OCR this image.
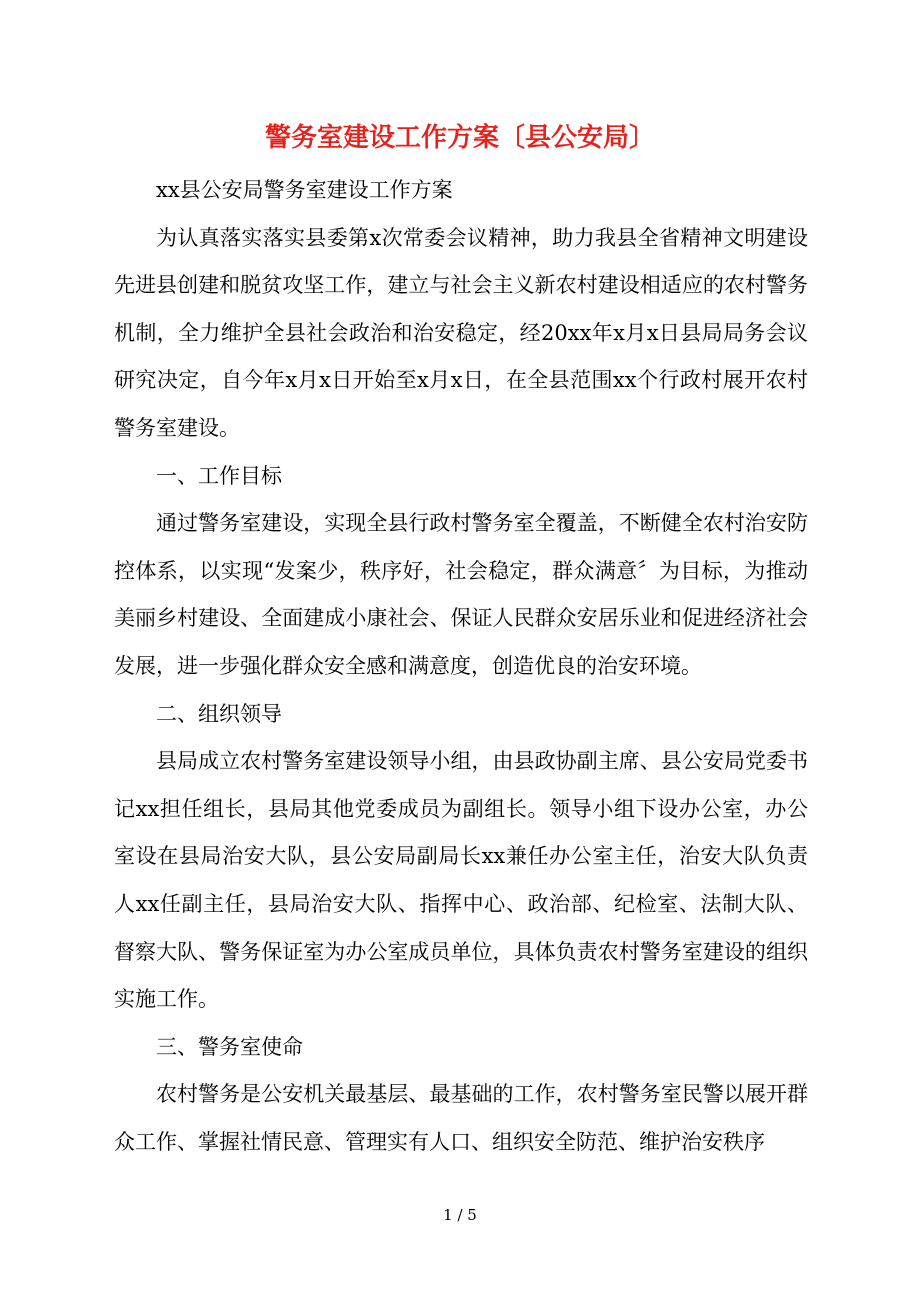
警务室建设工作方案〔县公安局〕

xx县公安局警务室建设工作方案

为认真落实落实县委第x次常委会议精神，助力我县全省精神文明建设先进县创建和脱贫攻坚工作，建立与社会主义新农村建设相适应的农村警务机制，全力维护全县社会政治和治安稳定，经20xx年x月x日县局局务会议研究决定，自今年x月x日开始至x月x日，在全县范围xx个行政村展开农村警务室建设。

一、工作目标

通过警务室建设，实现全县行政村警务室全覆盖，不断健全农村治安防控体系，以实现“发案少，秩序好，社会稳定，群众满意〞为目标，为推动美丽乡村建设、全面建成小康社会、保证人民群众安居乐业和促进经济社会发展，进一步强化群众安全感和满意度，创造优良的治安环境。

二、组织领导

县局成立农村警务室建设领导小组，由县政协副主席、县公安局党委书记xx担任组长，县局其他党委成员为副组长。领导小组下设办公室，办公室设在县局治安大队，县公安局副局长xx兼任办公室主任，治安大队负责人xx任副主任，县局治安大队、指挥中心、政治部、纪检室、法制大队、督察大队、警务保证室为办公室成员单位，具体负责农村警务室建设的组织实施工作。

三、警务室使命

农村警务是公安机关最基层、最基础的工作，农村警务室民警以展开群众工作、掌握社情民意、管理实有人口、组织安全防范、维护治安秩序

1 / 5
